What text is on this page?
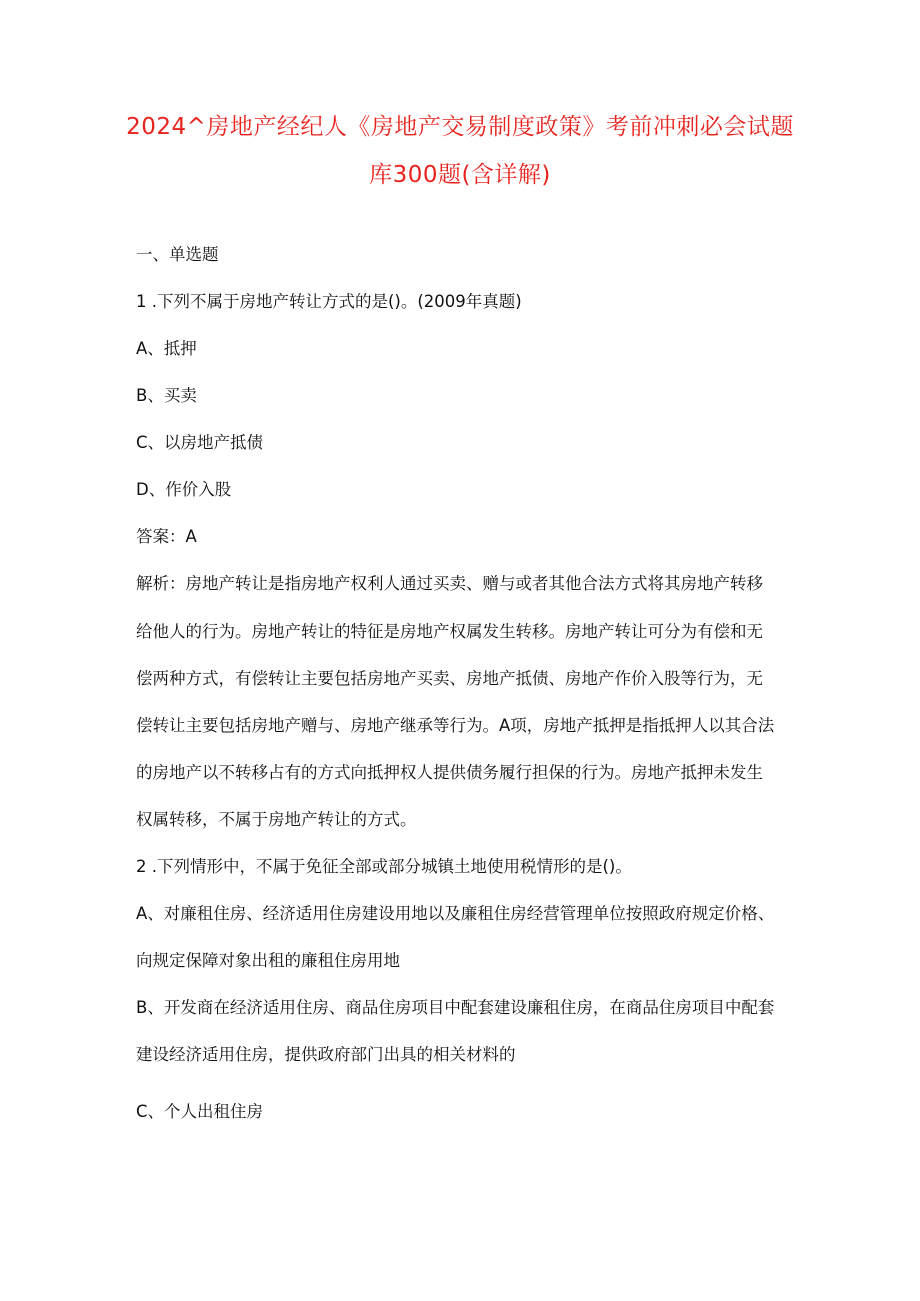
2024^房地产经纪人《房地产交易制度政策》考前冲刺必会试题
库300题(含详解)
一、单选题
1 .下列不属于房地产转让方式的是()。(2009年真题)
A、抵押
B、买卖
C、以房地产抵债
D、作价入股
答案：A
解析：房地产转让是指房地产权利人通过买卖、赠与或者其他合法方式将其房地产转移
给他人的行为。房地产转让的特征是房地产权属发生转移。房地产转让可分为有偿和无
偿两种方式，有偿转让主要包括房地产买卖、房地产抵债、房地产作价入股等行为，无
偿转让主要包括房地产赠与、房地产继承等行为。A项，房地产抵押是指抵押人以其合法
的房地产以不转移占有的方式向抵押权人提供债务履行担保的行为。房地产抵押未发生
权属转移，不属于房地产转让的方式。
2 .下列情形中，不属于免征全部或部分城镇土地使用税情形的是()。
A、对廉租住房、经济适用住房建设用地以及廉租住房经营管理单位按照政府规定价格、
向规定保障对象出租的廉租住房用地
B、开发商在经济适用住房、商品住房项目中配套建设廉租住房，在商品住房项目中配套
建设经济适用住房，提供政府部门出具的相关材料的
C、个人出租住房
